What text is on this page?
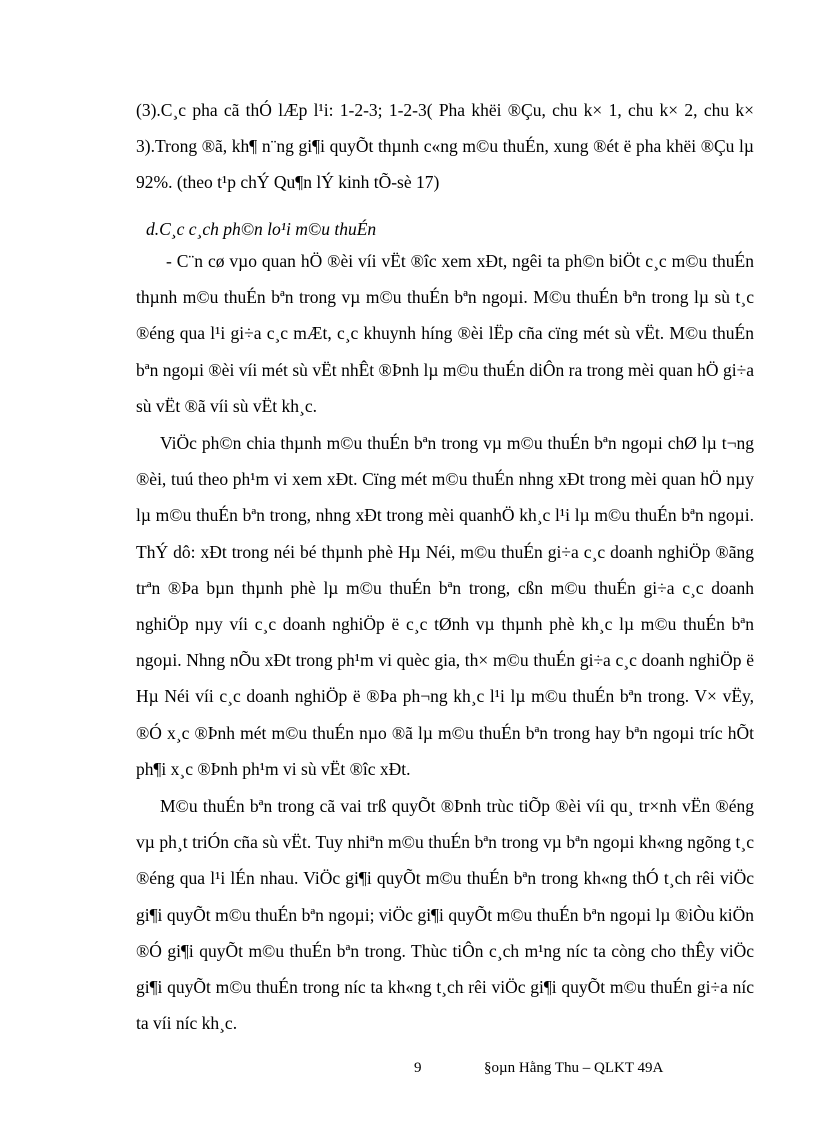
(3).C¸c pha cã thÓ lÆp l¹i: 1-2-3; 1-2-3( Pha khëi ®Çu, chu k× 1, chu k× 2, chu k× 3).Trong ®ã, kh¶ n¨ng gi¶i quyÕt thµnh c«ng m©u thuÉn, xung ®ét ë pha khëi ®Çu lµ 92%. (theo t¹p chÝ Qu¶n lÝ kinh tÕ-sè 17)

d.C¸c c¸ch ph©n lo¹i m©u thuÉn

- C¨n cø vµo quan hÖ ®èi víi vËt ®îc xem xÐt, ngêi ta ph©n biÖt c¸c m©u thuÉn thµnh m©u thuÉn bªn trong vµ m©u thuÉn bªn ngoµi. M©u thuÉn bªn trong lµ sù t¸c ®éng qua l¹i gi÷a c¸c mÆt, c¸c khuynh híng ®èi lËp cña cïng mét sù vËt. M©u thuÉn bªn ngoµi ®èi víi mét sù vËt nhÊt ®Þnh lµ m©u thuÉn diÔn ra trong mèi quan hÖ gi÷a sù vËt ®ã víi sù vËt kh¸c.

ViÖc ph©n chia thµnh m©u thuÉn bªn trong vµ m©u thuÉn bªn ngoµi chØ lµ t¬ng ®èi, tuú theo ph¹m vi xem xÐt. Cïng mét m©u thuÉn nhng xÐt trong mèi quan hÖ nµy lµ m©u thuÉn bªn trong, nhng xÐt trong mèi quanhÖ kh¸c l¹i lµ m©u thuÉn bªn ngoµi. ThÝ dô: xÐt trong néi bé thµnh phè Hµ Néi, m©u thuÉn gi÷a c¸c doanh nghiÖp ®ãng trªn ®Þa bµn thµnh phè lµ m©u thuÉn bªn trong, cßn m©u thuÉn gi÷a c¸c doanh nghiÖp nµy víi c¸c doanh nghiÖp ë c¸c tØnh vµ thµnh phè kh¸c lµ m©u thuÉn bªn ngoµi. Nhng nÕu xÐt trong ph¹m vi quèc gia, th× m©u thuÉn gi÷a c¸c doanh nghiÖp ë Hµ Néi víi c¸c doanh nghiÖp ë ®Þa ph¬ng kh¸c l¹i lµ m©u thuÉn bªn trong. V× vËy, ®Ó x¸c ®Þnh mét m©u thuÉn nµo ®ã lµ m©u thuÉn bªn trong hay bªn ngoµi tríc hÕt ph¶i x¸c ®Þnh ph¹m vi sù vËt ®îc xÐt.

M©u thuÉn bªn trong cã vai trß quyÕt ®Þnh trùc tiÕp ®èi víi qu¸ tr×nh vËn ®éng vµ ph¸t triÓn cña sù vËt. Tuy nhiªn m©u thuÉn bªn trong vµ bªn ngoµi kh«ng ngõng t¸c ®éng qua l¹i lÉn nhau. ViÖc gi¶i quyÕt m©u thuÉn bªn trong kh«ng thÓ t¸ch rêi viÖc gi¶i quyÕt m©u thuÉn bªn ngoµi; viÖc gi¶i quyÕt m©u thuÉn bªn ngoµi lµ ®iÒu kiÖn ®Ó gi¶i quyÕt m©u thuÉn bªn trong. Thùc tiÔn c¸ch m¹ng níc ta còng cho thÊy viÖc gi¶i quyÕt m©u thuÉn trong níc ta kh«ng t¸ch rêi viÖc gi¶i quyÕt m©u thuÉn gi÷a níc ta víi níc kh¸c.

9	§oµn Hằng Thu – QLKT 49A
